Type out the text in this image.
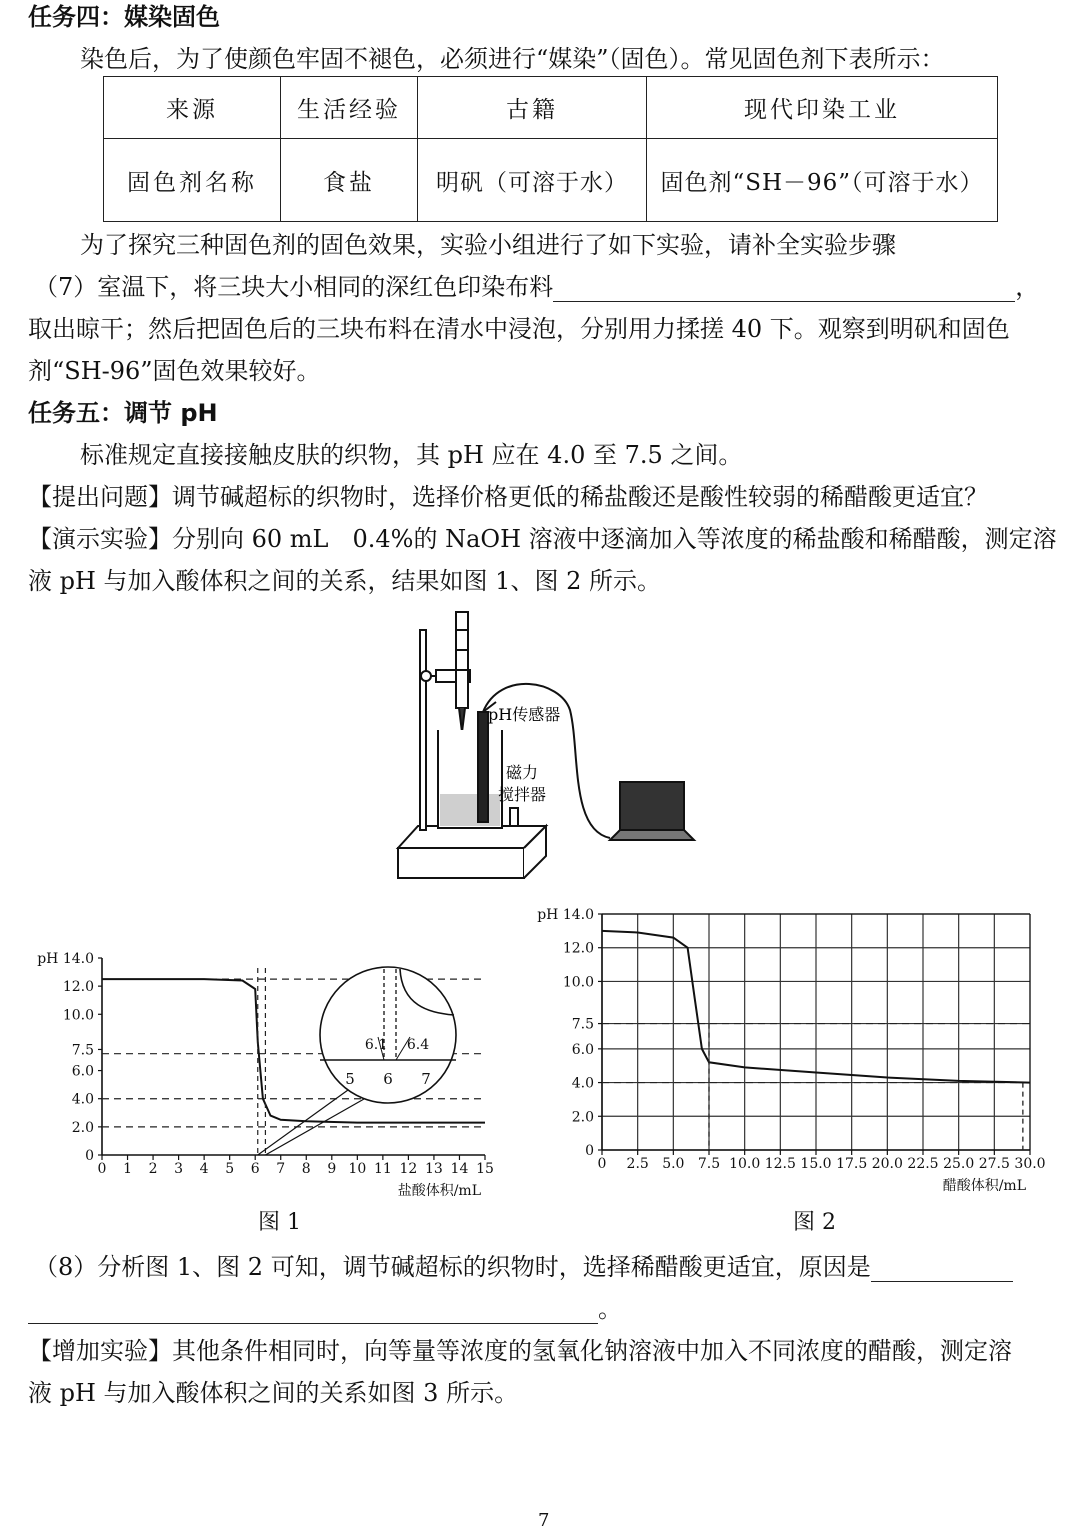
任务四：媒染固色
染色后，为了使颜色牢固不褪色，必须进行“媒染”（固色）。常见固色剂下表所示：
来源	生活经验	古籍	现代印染工业
固色剂名称	食盐	明矾（可溶于水）	固色剂“SH－96”（可溶于水）
为了探究三种固色剂的固色效果，实验小组进行了如下实验，请补全实验步骤
（7）室温下，将三块大小相同的深红色印染布料	，
取出晾干；然后把固色后的三块布料在清水中浸泡，分别用力揉搓 40 下。观察到明矾和固色
剂“SH-96”固色效果较好。
任务五：调节 pH
标准规定直接接触皮肤的织物，其 pH 应在 4.0 至 7.5 之间。
【提出问题】调节碱超标的织物时，选择价格更低的稀盐酸还是酸性较弱的稀醋酸更适宜？
【演示实验】分别向 60 mL　0.4%的 NaOH 溶液中逐滴加入等浓度的稀盐酸和稀醋酸，测定溶
液 pH 与加入酸体积之间的关系，结果如图 1、图 2 所示。
pH传感器
磁力
搅拌器
0 1 2 3 4 5 6 7 8 9 10 11 12 13 14 15
0
2.0
4.0
6.0
7.5
10.0
12.0
pH 14.0
盐酸体积/mL
6.1 6.4
5 6 7
0 2.5 5.0 7.5 10.0 12.5 15.0 17.5 20.0 22.5 25.0 27.5 30.0
0
2.0
4.0
6.0
7.5
10.0
12.0
pH 14.0
醋酸体积/mL
图 1	图 2
（8）分析图 1、图 2 可知，调节碱超标的织物时，选择稀醋酸更适宜，原因是
。
【增加实验】其他条件相同时，向等量等浓度的氢氧化钠溶液中加入不同浓度的醋酸，测定溶
液 pH 与加入酸体积之间的关系如图 3 所示。
7
